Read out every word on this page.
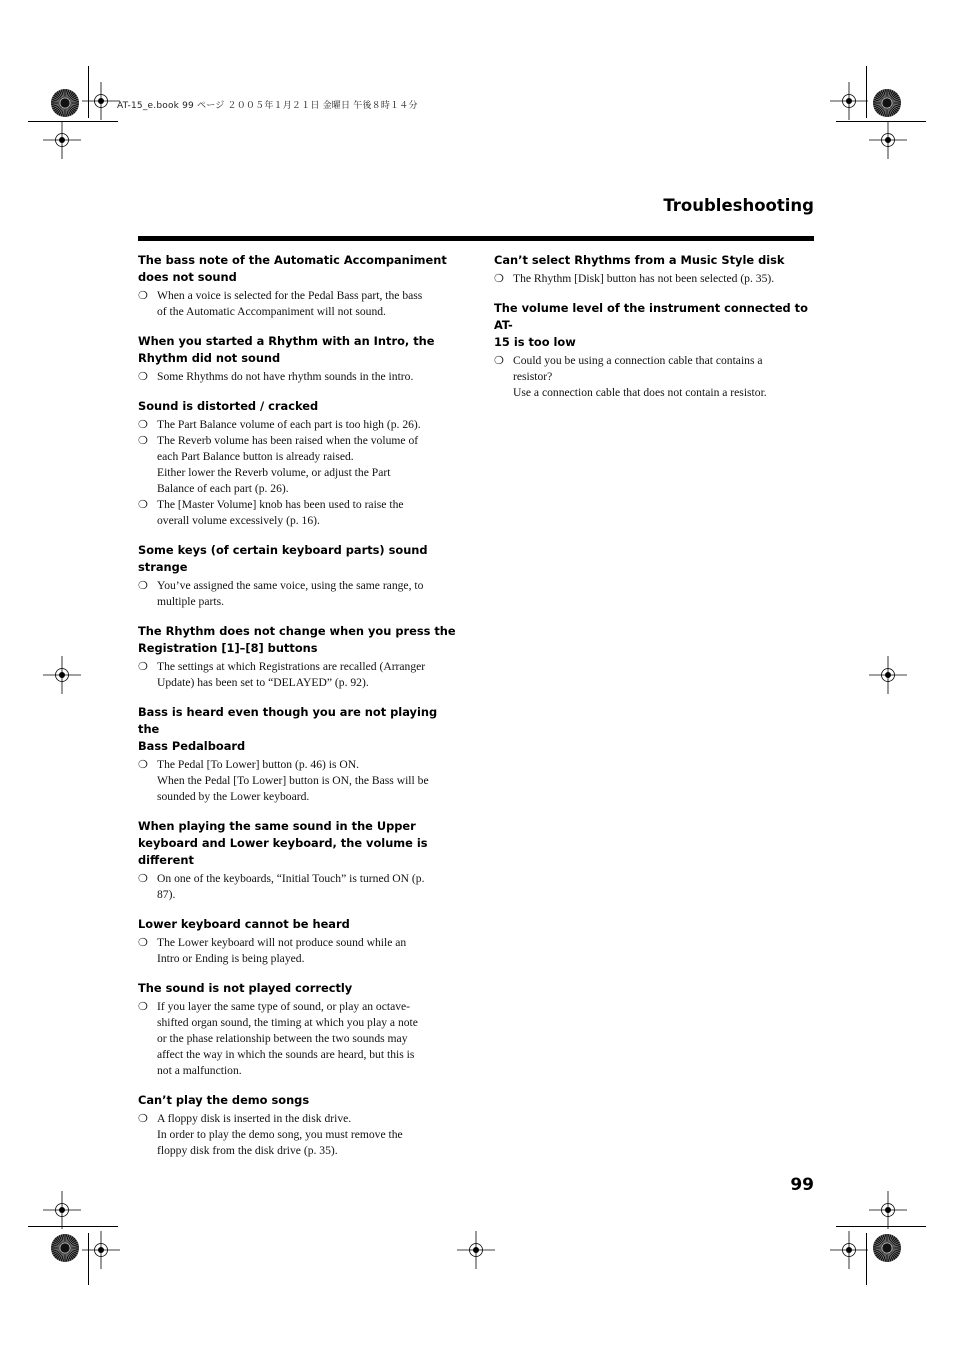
AT-15_e.book 99 ページ ２００５年１月２１日 金曜日 午後８時１４分
Troubleshooting
The bass note of the Automatic Accompaniment
does not sound
❍ When a voice is selected for the Pedal Bass part, the bass
of the Automatic Accompaniment will not sound.
When you started a Rhythm with an Intro, the
Rhythm did not sound
❍ Some Rhythms do not have rhythm sounds in the intro.
Sound is distorted / cracked
❍ The Part Balance volume of each part is too high (p. 26).
❍ The Reverb volume has been raised when the volume of
each Part Balance button is already raised.
Either lower the Reverb volume, or adjust the Part
Balance of each part (p. 26).
❍ The [Master Volume] knob has been used to raise the
overall volume excessively (p. 16).
Some keys (of certain keyboard parts) sound
strange
❍ You’ve assigned the same voice, using the same range, to
multiple parts.
The Rhythm does not change when you press the
Registration [1]–[8] buttons
❍ The settings at which Registrations are recalled (Arranger
Update) has been set to “DELAYED” (p. 92).
Bass is heard even though you are not playing the
Bass Pedalboard
❍ The Pedal [To Lower] button (p. 46) is ON.
When the Pedal [To Lower] button is ON, the Bass will be
sounded by the Lower keyboard.
When playing the same sound in the Upper
keyboard and Lower keyboard, the volume is
different
❍ On one of the keyboards, “Initial Touch” is turned ON (p.
87).
Lower keyboard cannot be heard
❍ The Lower keyboard will not produce sound while an
Intro or Ending is being played.
The sound is not played correctly
❍ If you layer the same type of sound, or play an octave-
shifted organ sound, the timing at which you play a note
or the phase relationship between the two sounds may
affect the way in which the sounds are heard, but this is
not a malfunction.
Can’t play the demo songs
❍ A floppy disk is inserted in the disk drive.
In order to play the demo song, you must remove the
floppy disk from the disk drive (p. 35).
Can’t select Rhythms from a Music Style disk
❍ The Rhythm [Disk] button has not been selected (p. 35).
The volume level of the instrument connected to AT-
15 is too low
❍ Could you be using a connection cable that contains a
resistor?
Use a connection cable that does not contain a resistor.
99
